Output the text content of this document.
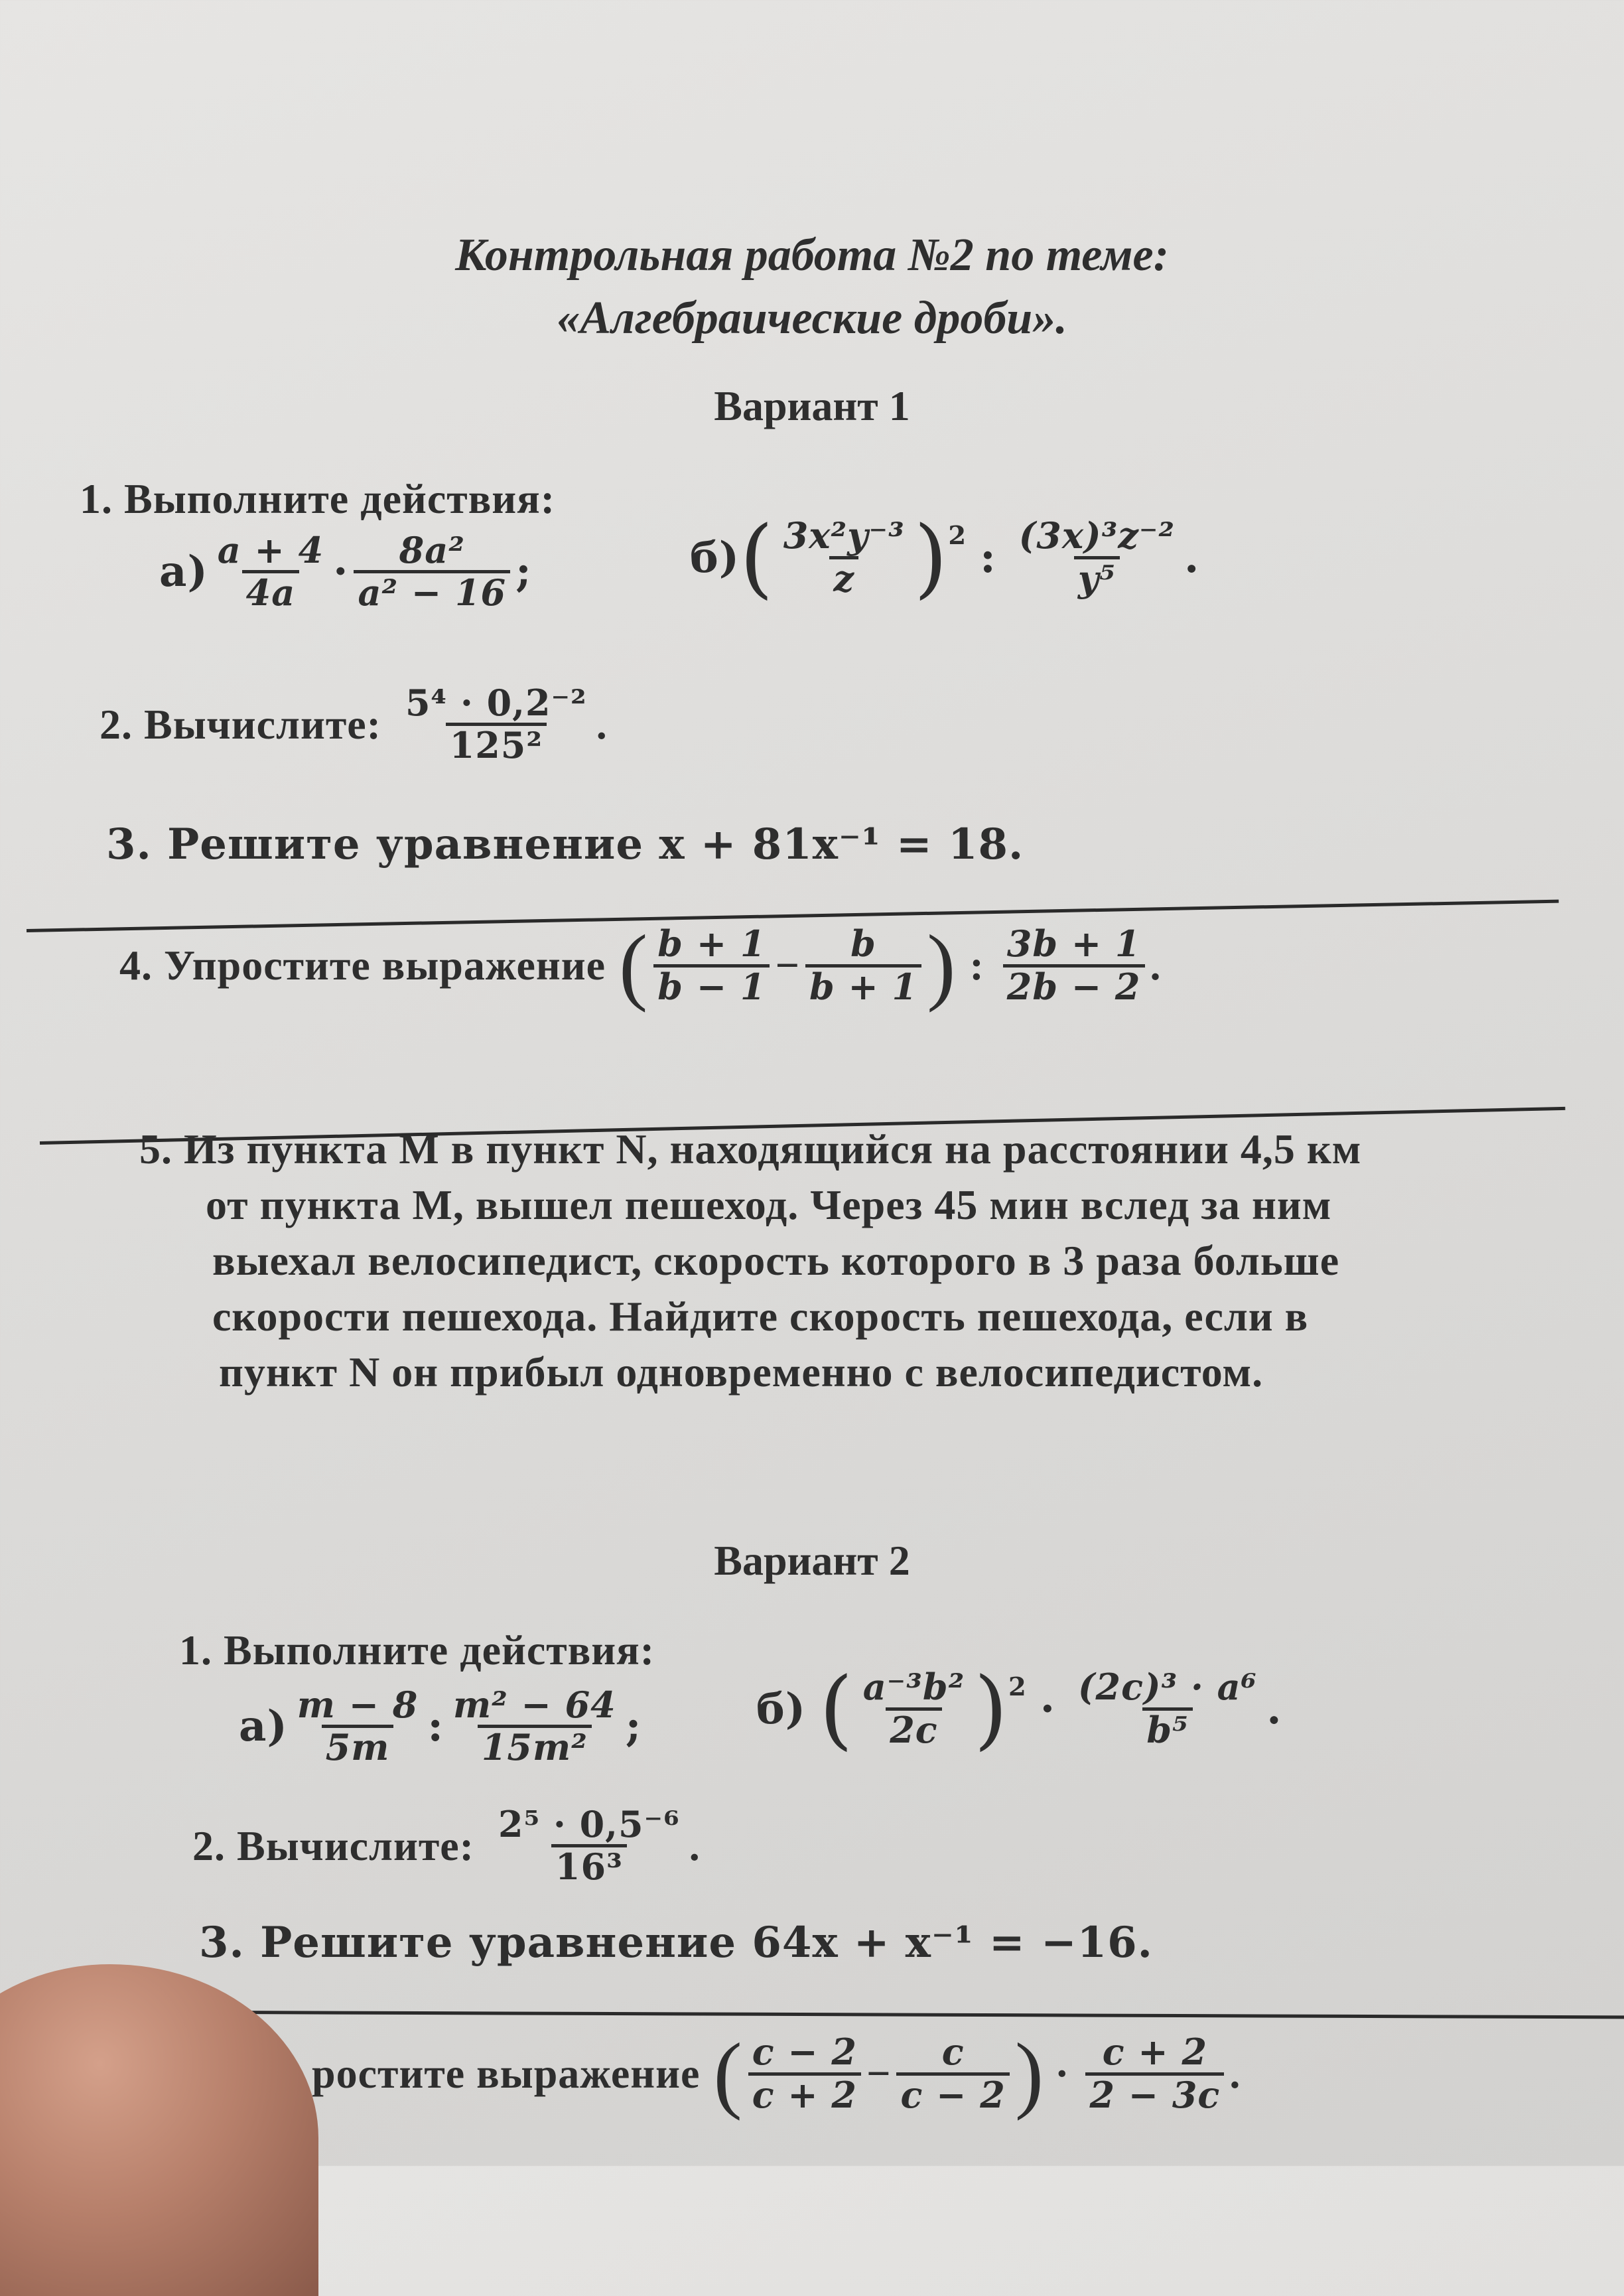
Контрольная работа №2 по теме:
«Алгебраические дроби».
Вариант 1
1. Выполните действия:
$а) \frac{a + 4}{4a} \cdot \frac{\text{8a²}}{\text{a² − 16}}$ ;	б) ( $\frac{\text{3x²y⁻³}}{z} )^2$ : $\frac{\text{(3x)³z⁻²}}{\text{y⁵}}$ .
2. Вычислите: $\frac{\text{5⁴ · 0,2⁻²}}{\text{125²}}$ .
3. Решите уравнение x + 81x⁻¹ = 18.
4. Упростите выражение ( $\frac{b + 1}{b - 1} - \frac{b}{b + 1}$ ) : $\frac{3b + 1}{2b - 2}$ .
5. Из пункта M в пункт N, находящийся на расстоянии 4,5 км
от пункта M, вышел пешеход. Через 45 мин вслед за ним
выехал велосипедист, скорость которого в 3 раза больше
скорости пешехода. Найдите скорость пешехода, если в
пункт N он прибыл одновременно с велосипедистом.
Вариант 2
1. Выполните действия:
$а) \frac{m - 8}{5m}$ : $\frac{\text{m² − 64}}{\text{15m²}}$ ;	б) ( $\frac{\text{a⁻³b²}}{2c} )^2 \cdot \frac{\text{(2c)³ · a⁶}}{\text{b⁵}}$ .
2. Вычислите: $\frac{\text{2⁵ · 0,5⁻⁶}}{\text{16³}}$ .
3. Решите уравнение 64x + x⁻¹ = −16.
ростите выражение ( $\frac{c - 2}{c + 2} - \frac{c}{c - 2}$ ) · $\frac{c + 2}{2 - 3c}$ .
